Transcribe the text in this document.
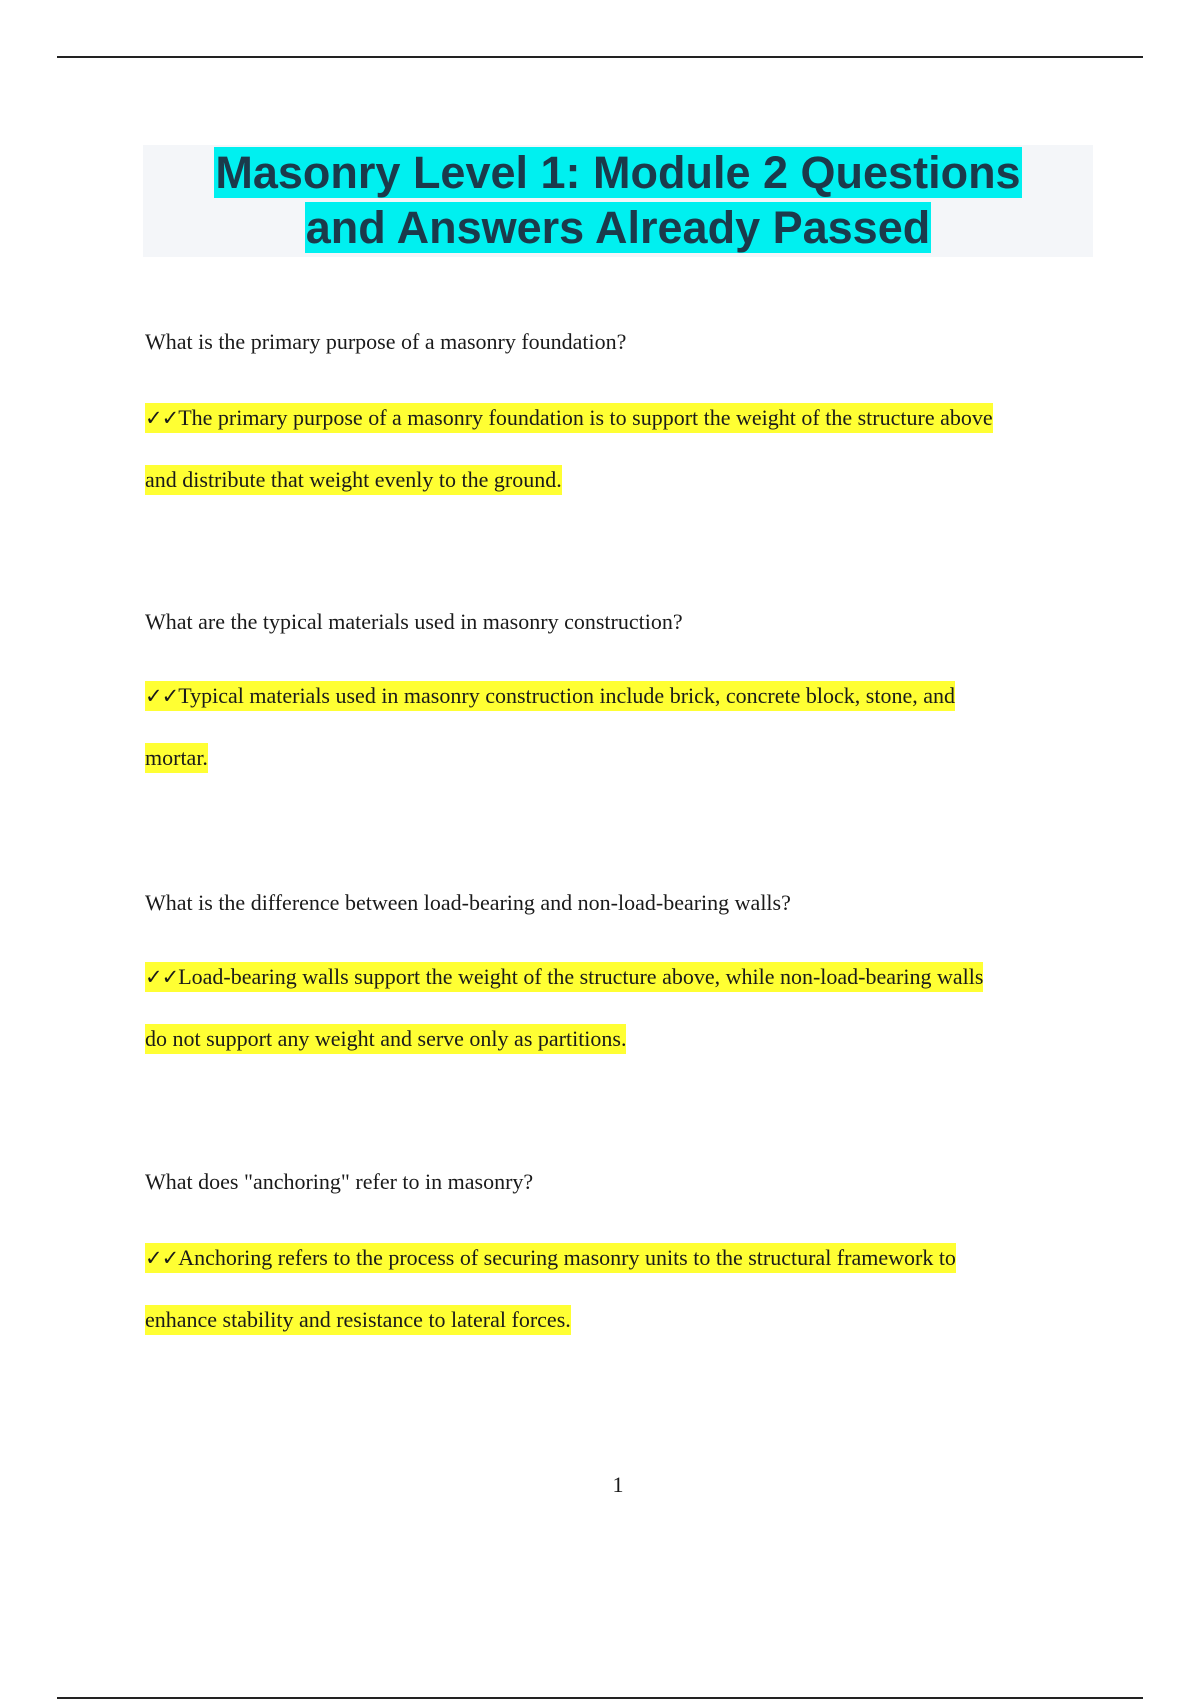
Masonry Level 1: Module 2 Questions
and Answers Already Passed

What is the primary purpose of a masonry foundation?

✓✓The primary purpose of a masonry foundation is to support the weight of the structure above
and distribute that weight evenly to the ground.

What are the typical materials used in masonry construction?

✓✓Typical materials used in masonry construction include brick, concrete block, stone, and
mortar.

What is the difference between load-bearing and non-load-bearing walls?

✓✓Load-bearing walls support the weight of the structure above, while non-load-bearing walls
do not support any weight and serve only as partitions.

What does "anchoring" refer to in masonry?

✓✓Anchoring refers to the process of securing masonry units to the structural framework to
enhance stability and resistance to lateral forces.

1
